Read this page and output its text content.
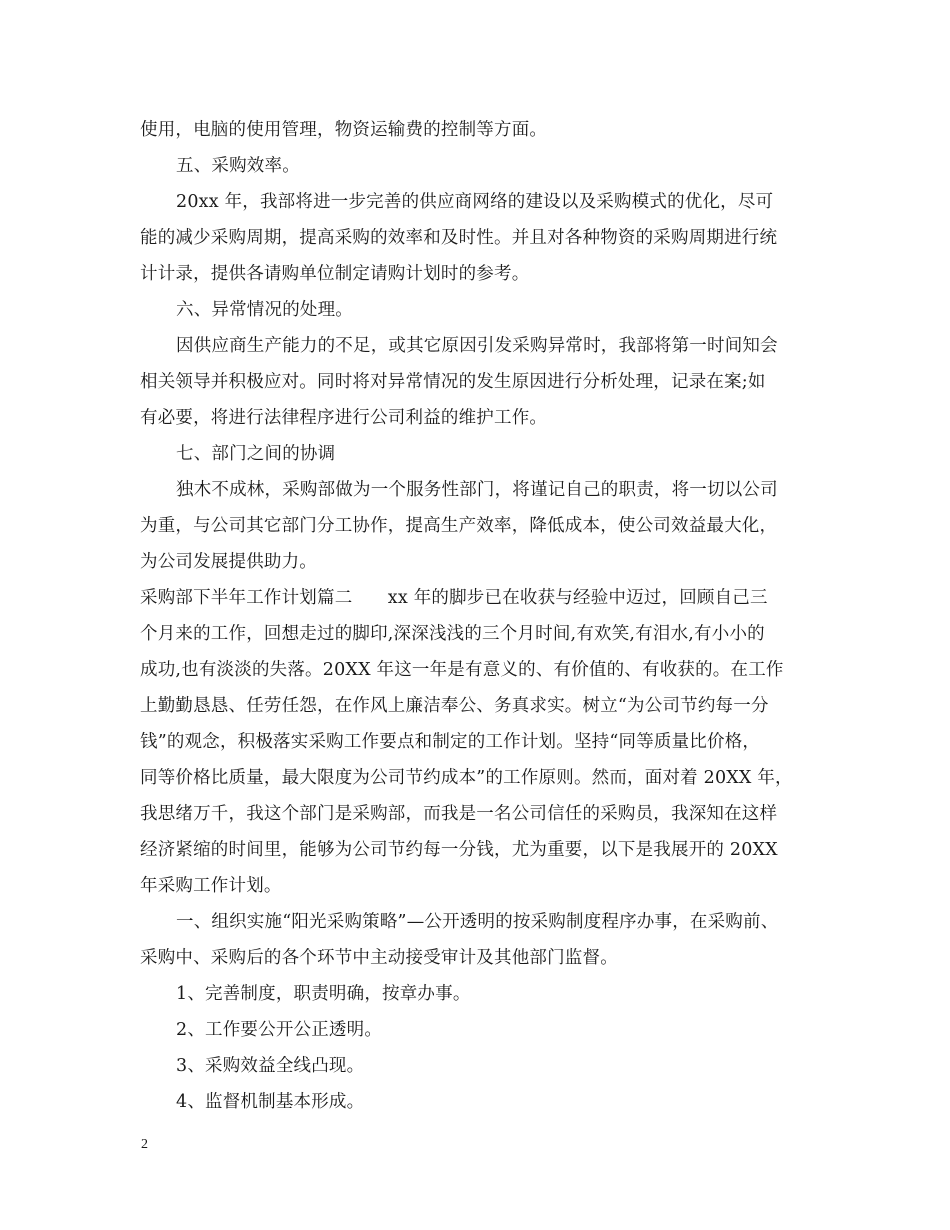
使用，电脑的使用管理，物资运输费的控制等方面。
五、采购效率。
20xx 年，我部将进一步完善的供应商网络的建设以及采购模式的优化，尽可
能的减少采购周期，提高采购的效率和及时性。并且对各种物资的采购周期进行统
计计录，提供各请购单位制定请购计划时的参考。
六、异常情况的处理。
因供应商生产能力的不足，或其它原因引发采购异常时，我部将第一时间知会
相关领导并积极应对。同时将对异常情况的发生原因进行分析处理，记录在案;如
有必要，将进行法律程序进行公司利益的维护工作。
七、部门之间的协调
独木不成林，采购部做为一个服务性部门，将谨记自己的职责，将一切以公司
为重，与公司其它部门分工协作，提高生产效率，降低成本，使公司效益最大化，
为公司发展提供助力。
采购部下半年工作计划篇二　　xx 年的脚步已在收获与经验中迈过，回顾自己三
个月来的工作，回想走过的脚印,深深浅浅的三个月时间,有欢笑,有泪水,有小小的
成功,也有淡淡的失落。20XX 年这一年是有意义的、有价值的、有收获的。在工作
上勤勤恳恳、任劳任怨，在作风上廉洁奉公、务真求实。树立“为公司节约每一分
钱”的观念，积极落实采购工作要点和制定的工作计划。坚持“同等质量比价格，
同等价格比质量，最大限度为公司节约成本”的工作原则。然而，面对着 20XX 年，
我思绪万千，我这个部门是采购部，而我是一名公司信任的采购员，我深知在这样
经济紧缩的时间里，能够为公司节约每一分钱，尤为重要，以下是我展开的 20XX
年采购工作计划。
一、组织实施“阳光采购策略”—公开透明的按采购制度程序办事，在采购前、
采购中、采购后的各个环节中主动接受审计及其他部门监督。
1、完善制度，职责明确，按章办事。
2、工作要公开公正透明。
3、采购效益全线凸现。
4、监督机制基本形成。
2
